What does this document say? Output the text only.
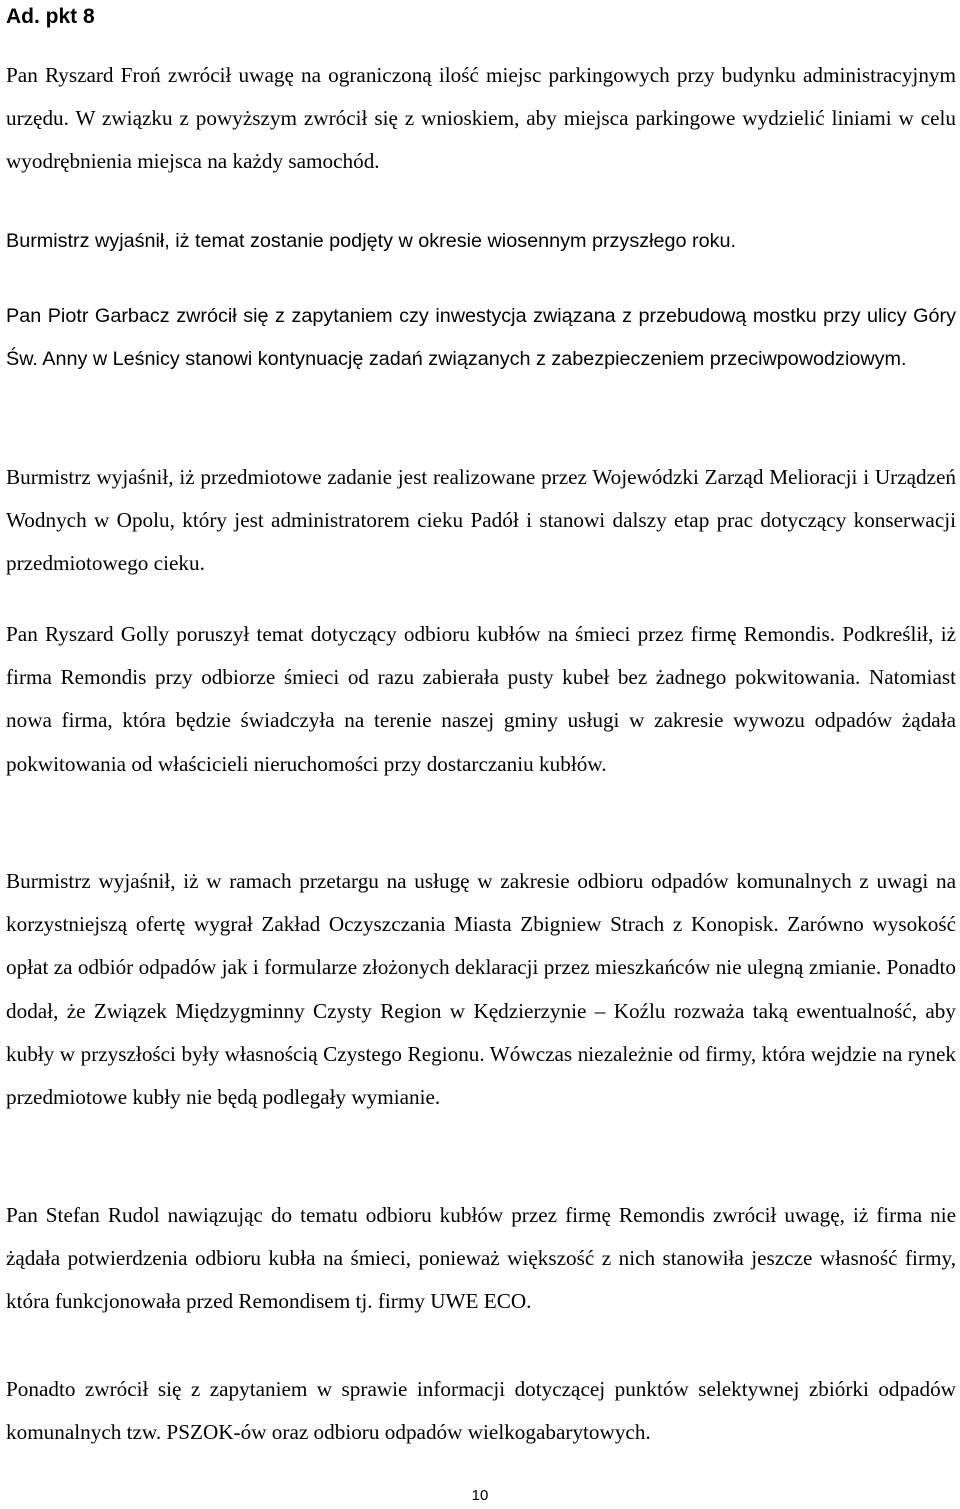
Ad. pkt 8

Pan Ryszard Froń zwrócił uwagę na ograniczoną ilość miejsc parkingowych przy budynku administracyjnym urzędu. W związku z powyższym zwrócił się z wnioskiem, aby miejsca parkingowe wydzielić liniami w celu wyodrębnienia miejsca na każdy samochód.

Burmistrz wyjaśnił, iż temat zostanie podjęty w okresie wiosennym przyszłego roku.

Pan Piotr Garbacz zwrócił się z zapytaniem czy inwestycja związana z przebudową mostku przy ulicy Góry Św. Anny w Leśnicy stanowi kontynuację zadań związanych z zabezpieczeniem przeciwpowodziowym.

Burmistrz wyjaśnił, iż przedmiotowe zadanie jest realizowane przez Wojewódzki Zarząd Melioracji i Urządzeń Wodnych w Opolu, który jest administratorem cieku Padół i stanowi dalszy etap prac dotyczący konserwacji przedmiotowego cieku.

Pan Ryszard Golly poruszył temat dotyczący odbioru kubłów na śmieci przez firmę Remondis. Podkreślił, iż firma Remondis przy odbiorze śmieci od razu zabierała pusty kubeł bez żadnego pokwitowania. Natomiast nowa firma, która będzie świadczyła na terenie naszej gminy usługi w zakresie wywozu odpadów żądała pokwitowania od właścicieli nieruchomości przy dostarczaniu kubłów.

Burmistrz wyjaśnił, iż w ramach przetargu na usługę w zakresie odbioru odpadów komunalnych z uwagi na korzystniejszą ofertę wygrał Zakład Oczyszczania Miasta Zbigniew Strach z Konopisk. Zarówno wysokość opłat za odbiór odpadów jak i formularze złożonych deklaracji przez mieszkańców nie ulegną zmianie. Ponadto dodał, że Związek Międzygminny Czysty Region w Kędzierzynie – Koźlu rozważa taką ewentualność, aby kubły w przyszłości były własnością Czystego Regionu. Wówczas niezależnie od firmy, która wejdzie na rynek przedmiotowe kubły nie będą podlegały wymianie.

Pan Stefan Rudol nawiązując do tematu odbioru kubłów przez firmę Remondis zwrócił uwagę, iż firma nie żądała potwierdzenia odbioru kubła na śmieci, ponieważ większość z nich stanowiła jeszcze własność firmy, która funkcjonowała przed Remondisem tj. firmy UWE ECO.

Ponadto zwrócił się z zapytaniem w sprawie informacji dotyczącej punktów selektywnej zbiórki odpadów komunalnych tzw. PSZOK-ów oraz odbioru odpadów wielkogabarytowych.

10
